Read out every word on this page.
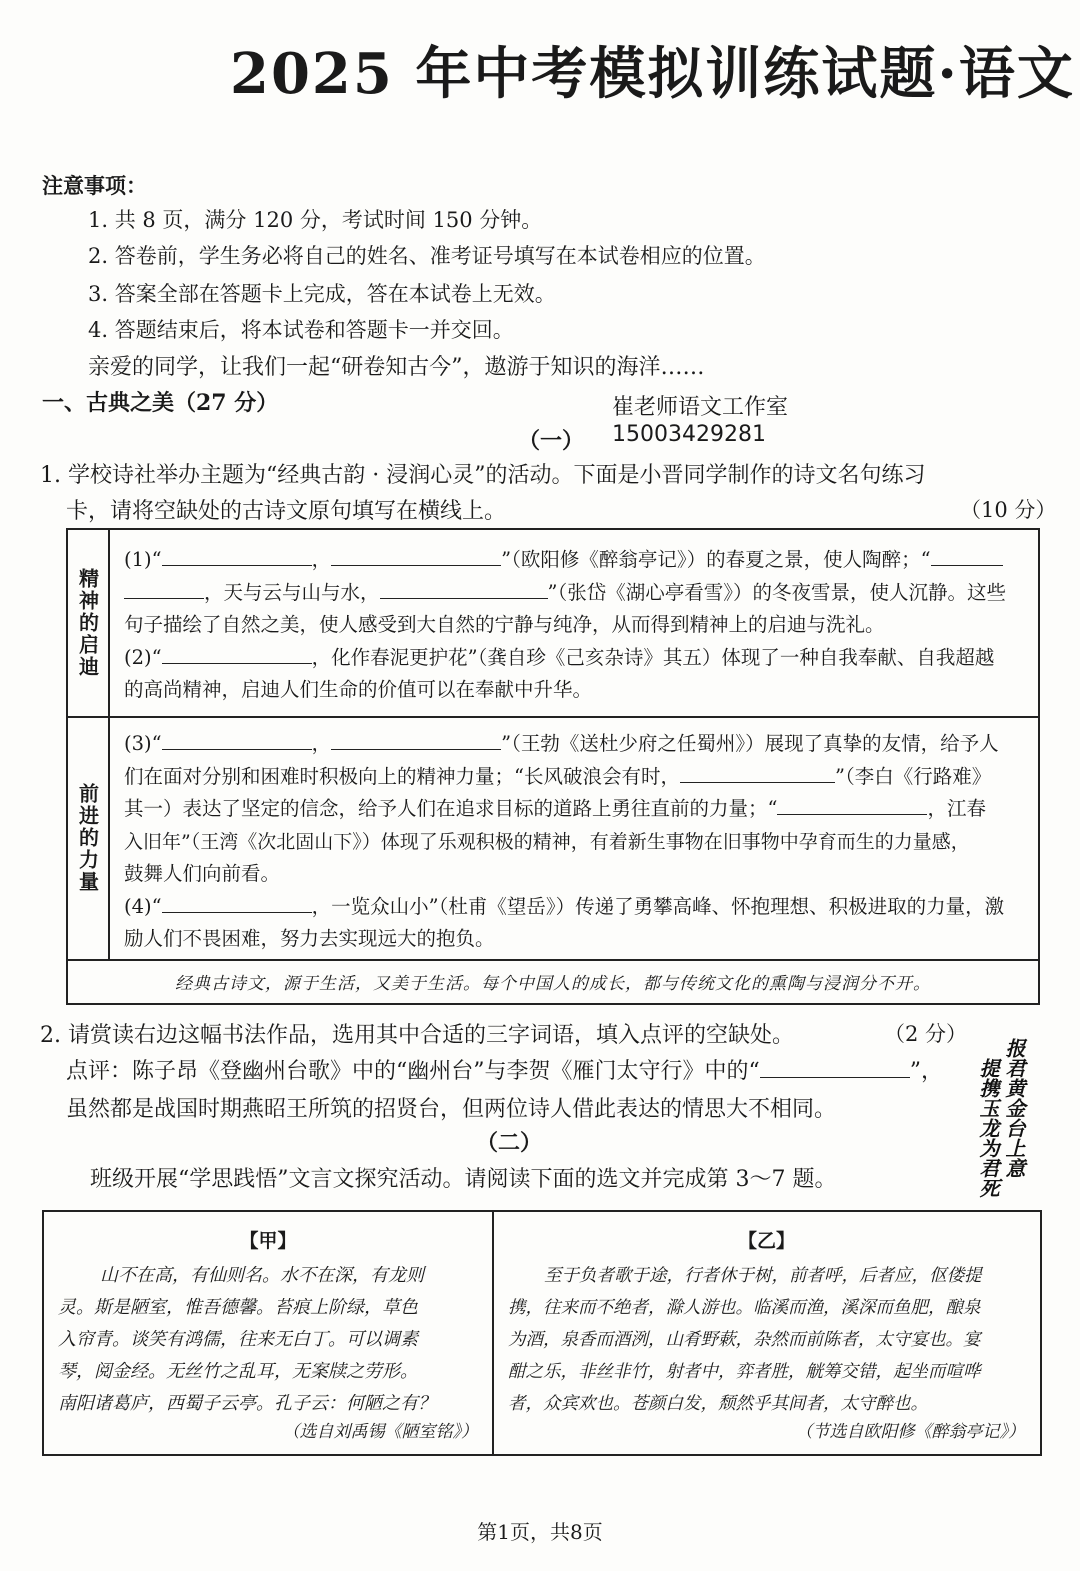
2025 年中考模拟训练试题·语文
注意事项：
1. 共 8 页，满分 120 分，考试时间 150 分钟。
2. 答卷前，学生务必将自己的姓名、准考证号填写在本试卷相应的位置。
3. 答案全部在答题卡上完成，答在本试卷上无效。
4. 答题结束后，将本试卷和答题卡一并交回。
亲爱的同学，让我们一起“研卷知古今”，遨游于知识的海洋……
一、古典之美（27 分）	崔老师语文工作室
15003429281
（一）
1. 学校诗社举办主题为“经典古韵 · 浸润心灵”的活动。下面是小晋同学制作的诗文名句练习
卡，请将空缺处的古诗文原句填写在横线上。	（10 分）
精神的启迪
(1)“	，	”（欧阳修《醉翁亭记》）的春夏之景，使人陶醉；“
，天与云与山与水，	”（张岱《湖心亭看雪》）的冬夜雪景，使人沉静。这些
句子描绘了自然之美，使人感受到大自然的宁静与纯净，从而得到精神上的启迪与洗礼。
(2)“	，化作春泥更护花”（龚自珍《己亥杂诗》其五）体现了一种自我奉献、自我超越
的高尚精神，启迪人们生命的价值可以在奉献中升华。
前进的力量
(3)“	，	”（王勃《送杜少府之任蜀州》）展现了真挚的友情，给予人
们在面对分别和困难时积极向上的精神力量；“长风破浪会有时，	”（李白《行路难》
其一）表达了坚定的信念，给予人们在追求目标的道路上勇往直前的力量；“	，江春
入旧年”（王湾《次北固山下》）体现了乐观积极的精神，有着新生事物在旧事物中孕育而生的力量感，
鼓舞人们向前看。
(4)“	，一览众山小”（杜甫《望岳》）传递了勇攀高峰、怀抱理想、积极进取的力量，激
励人们不畏困难，努力去实现远大的抱负。
经典古诗文，源于生活，又美于生活。每个中国人的成长，都与传统文化的熏陶与浸润分不开。
2. 请赏读右边这幅书法作品，选用其中合适的三字词语，填入点评的空缺处。	（2 分）
点评：陈子昂《登幽州台歌》中的“幽州台”与李贺《雁门太守行》中的“	”，
虽然都是战国时期燕昭王所筑的招贤台，但两位诗人借此表达的情思大不相同。	报君黄金台上意
提携玉龙为君死
（二）
班级开展“学思践悟”文言文探究活动。请阅读下面的选文并完成第 3～7 题。
【甲】
山不在高，有仙则名。水不在深，有龙则
灵。斯是陋室，惟吾德馨。苔痕上阶绿，草色
入帘青。谈笑有鸿儒，往来无白丁。可以调素
琴，阅金经。无丝竹之乱耳，无案牍之劳形。
南阳诸葛庐，西蜀子云亭。孔子云：何陋之有？
（选自刘禹锡《陋室铭》）
【乙】
至于负者歌于途，行者休于树，前者呼，后者应，伛偻提
携，往来而不绝者，滁人游也。临溪而渔，溪深而鱼肥，酿泉
为酒，泉香而酒洌，山肴野蔌，杂然而前陈者，太守宴也。宴
酣之乐，非丝非竹，射者中，弈者胜，觥筹交错，起坐而喧哗
者，众宾欢也。苍颜白发，颓然乎其间者，太守醉也。
（节选自欧阳修《醉翁亭记》）
第1页，共8页
